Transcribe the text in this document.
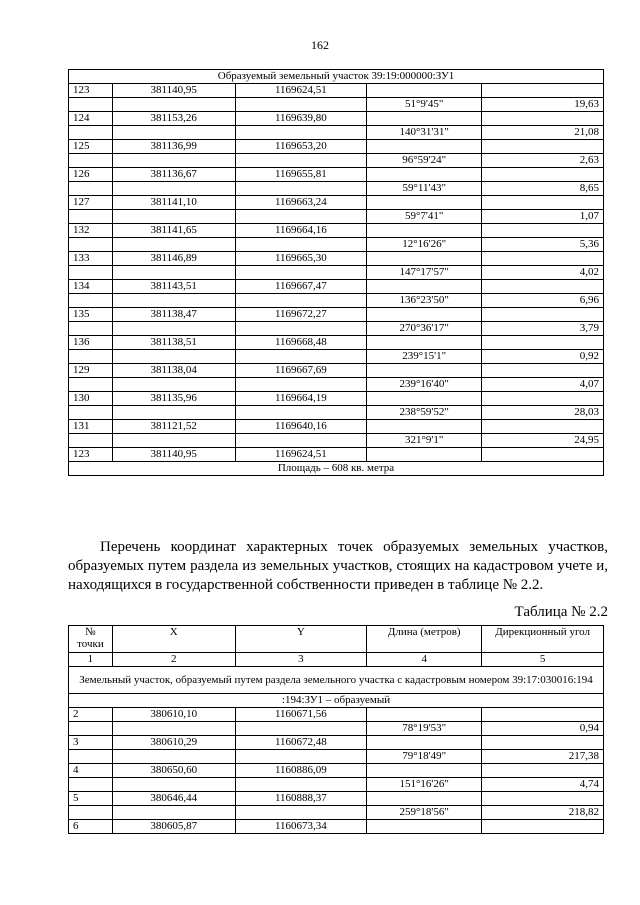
162
Образуемый земельный участок 39:19:000000:ЗУ1				
123	381140,95	1169624,51		
			51°9'45"	19,63
124	381153,26	1169639,80		
			140°31'31"	21,08
125	381136,99	1169653,20		
			96°59'24"	2,63
126	381136,67	1169655,81		
			59°11'43"	8,65
127	381141,10	1169663,24		
			59°7'41"	1,07
132	381141,65	1169664,16		
			12°16'26"	5,36
133	381146,89	1169665,30		
			147°17'57"	4,02
134	381143,51	1169667,47		
			136°23'50"	6,96
135	381138,47	1169672,27		
			270°36'17"	3,79
136	381138,51	1169668,48		
			239°15'1"	0,92
129	381138,04	1169667,69		
			239°16'40"	4,07
130	381135,96	1169664,19		
			238°59'52"	28,03
131	381121,52	1169640,16		
			321°9'1"	24,95
123	381140,95	1169624,51		
Площадь – 608 кв. метра				
Перечень координат характерных точек образуемых земельных участков, образуемых путем раздела из земельных участков, стоящих на кадастровом учете и, находящихся в государственной собственности приведен в таблице № 2.2.
Таблица № 2.2
№ точки	X	Y	Длина (метров)	Дирекционный угол
1	2	3	4	5
Земельный участок, образуемый путем раздела земельного участка с кадастровым номером 39:17:030016:194				
:194:ЗУ1 – образуемый				
2	380610,10	1160671,56		
			78°19'53"	0,94
3	380610,29	1160672,48		
			79°18'49"	217,38
4	380650,60	1160886,09		
			151°16'26"	4,74
5	380646,44	1160888,37		
			259°18'56"	218,82
6	380605,87	1160673,34		
